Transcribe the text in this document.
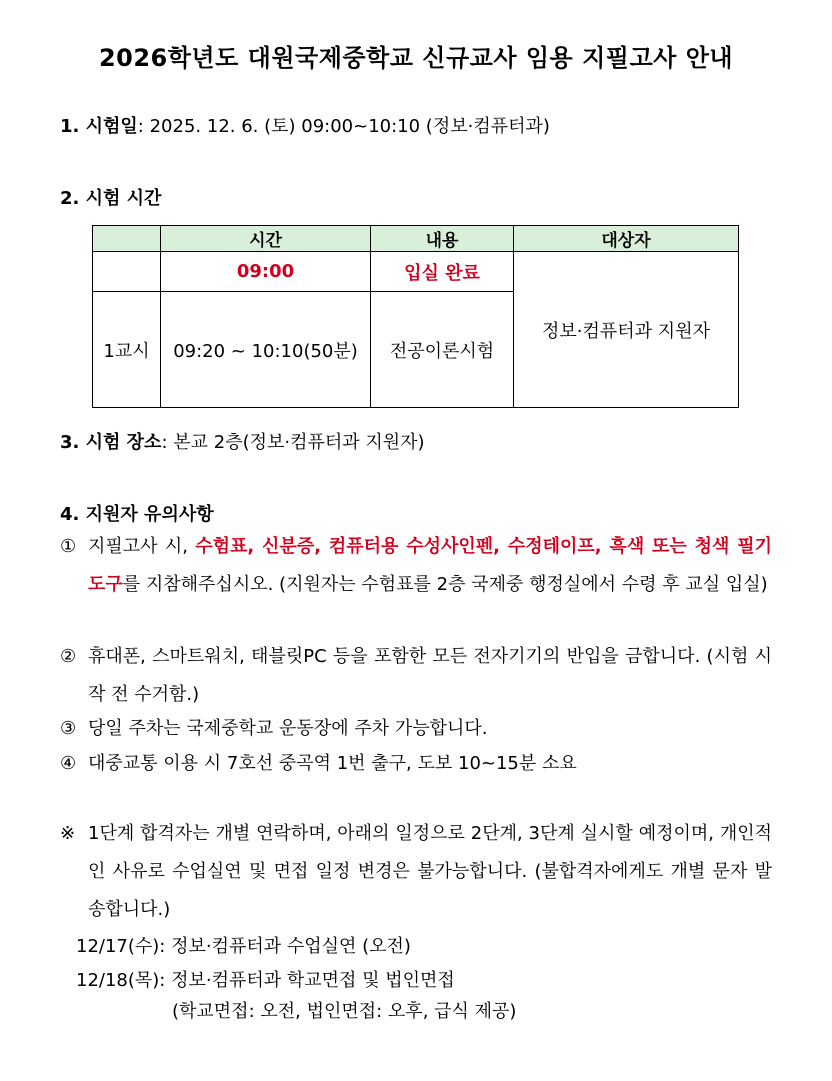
2026학년도 대원국제중학교 신규교사 임용 지필고사 안내
1. 시험일: 2025. 12. 6. (토) 09:00~10:10 (정보·컴퓨터과)
2. 시험 시간
	시간	내용	대상자
	09:00	입실 완료	정보·컴퓨터과 지원자
1교시	09:20 ~ 10:10(50분)	전공이론시험	
3. 시험 장소: 본교 2층(정보·컴퓨터과 지원자)
4. 지원자 유의사항
① 지필고사 시, 수험표, 신분증, 컴퓨터용 수성사인펜, 수정테이프, 흑색 또는 청색 필기도구를 지참해주십시오. (지원자는 수험표를 2층 국제중 행정실에서 수령 후 교실 입실)
② 휴대폰, 스마트워치, 태블릿PC 등을 포함한 모든 전자기기의 반입을 금합니다. (시험 시작 전 수거함.)
③ 당일 주차는 국제중학교 운동장에 주차 가능합니다.
④ 대중교통 이용 시 7호선 중곡역 1번 출구, 도보 10~15분 소요
※ 1단계 합격자는 개별 연락하며, 아래의 일정으로 2단계, 3단계 실시할 예정이며, 개인적인 사유로 수업실연 및 면접 일정 변경은 불가능합니다. (불합격자에게도 개별 문자 발송합니다.)
12/17(수): 정보·컴퓨터과 수업실연 (오전)
12/18(목): 정보·컴퓨터과 학교면접 및 법인면접
(학교면접: 오전, 법인면접: 오후, 급식 제공)
